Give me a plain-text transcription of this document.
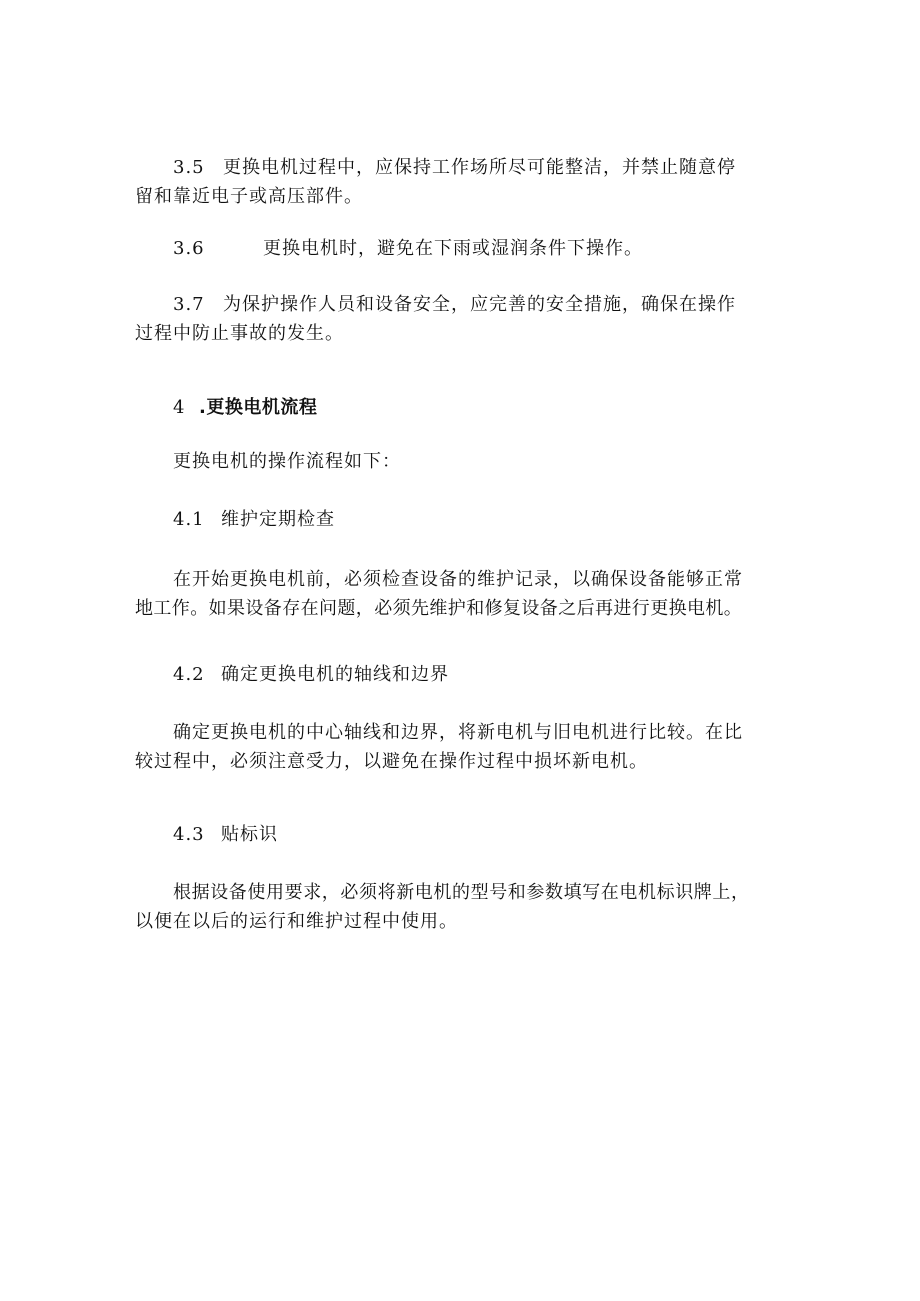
3.5 更换电机过程中，应保持工作场所尽可能整洁，并禁止随意停
留和靠近电子或高压部件。
3.6	更换电机时，避免在下雨或湿润条件下操作。
3.7 为保护操作人员和设备安全，应完善的安全措施，确保在操作
过程中防止事故的发生。
4 .更换电机流程
更换电机的操作流程如下：
4.1 维护定期检查
在开始更换电机前，必须检查设备的维护记录，以确保设备能够正常
地工作。如果设备存在问题，必须先维护和修复设备之后再进行更换电机。
4.2 确定更换电机的轴线和边界
确定更换电机的中心轴线和边界，将新电机与旧电机进行比较。在比
较过程中，必须注意受力，以避免在操作过程中损坏新电机。
4.3 贴标识
根据设备使用要求，必须将新电机的型号和参数填写在电机标识牌上，
以便在以后的运行和维护过程中使用。
